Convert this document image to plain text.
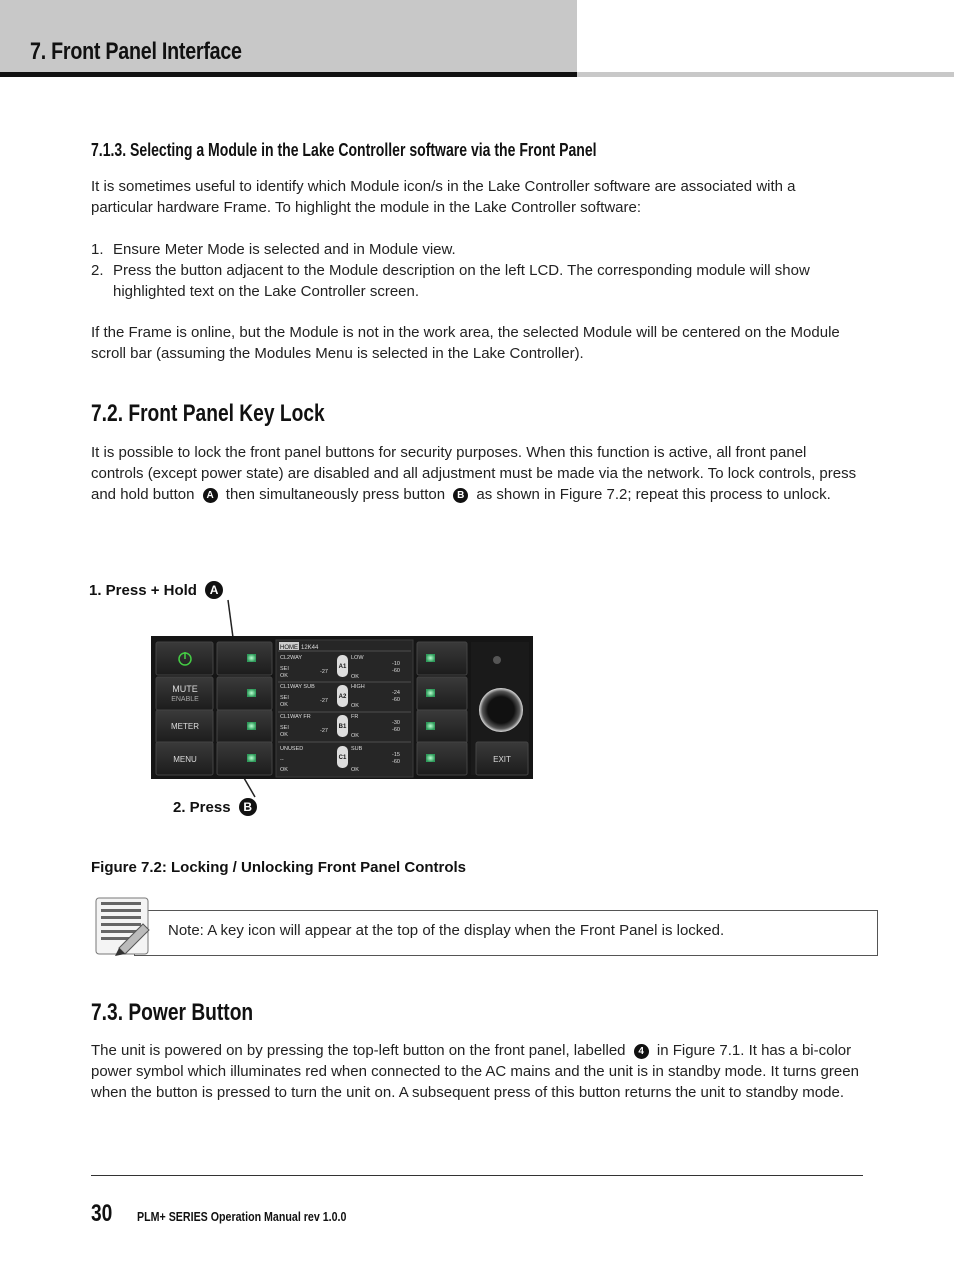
7. Front Panel Interface
7.1.3. Selecting a Module in the Lake Controller software via the Front Panel
It is sometimes useful to identify which Module icon/s in the Lake Controller software are associated with a particular hardware Frame. To highlight the module in the Lake Controller software:
1. Ensure Meter Mode is selected and in Module view.
2. Press the button adjacent to the Module description on the left LCD. The corresponding module will show highlighted text on the Lake Controller screen.
If the Frame is online, but the Module is not in the work area, the selected Module will be centered on the Module scroll bar (assuming the Modules Menu is selected in the Lake Controller).
7.2. Front Panel Key Lock
It is possible to lock the front panel buttons for security purposes. When this function is active, all front panel controls (except power state) are disabled and all adjustment must be made via the network. To lock controls, press and hold button A then simultaneously press button B as shown in Figure 7.2; repeat this process to unlock.
1. Press + Hold A
2. Press B
MUTE
ENABLE
METER
MENU
HOME 12K44
CL2WAY
SEI
OK
-27
LOW
-10
-60
OK
CL1WAY SUB
SEI
OK
-27
HIGH
-24
-60
OK
CL1WAY FR
SEI
OK
-27
FR
-30
-60
OK
UNUSED
--
OK
SUB
-15
-60
OK
A1
A2
B1
C1	EXIT
Figure 7.2: Locking / Unlocking Front Panel Controls
Note: A key icon will appear at the top of the display when the Front Panel is locked.
7.3. Power Button
The unit is powered on by pressing the top-left button on the front panel, labelled 4 in Figure 7.1. It has a bi-color power symbol which illuminates red when connected to the AC mains and the unit is in standby mode. It turns green when the button is pressed to turn the unit on. A subsequent press of this button returns the unit to standby mode.
30 PLM+ SERIES Operation Manual rev 1.0.0
